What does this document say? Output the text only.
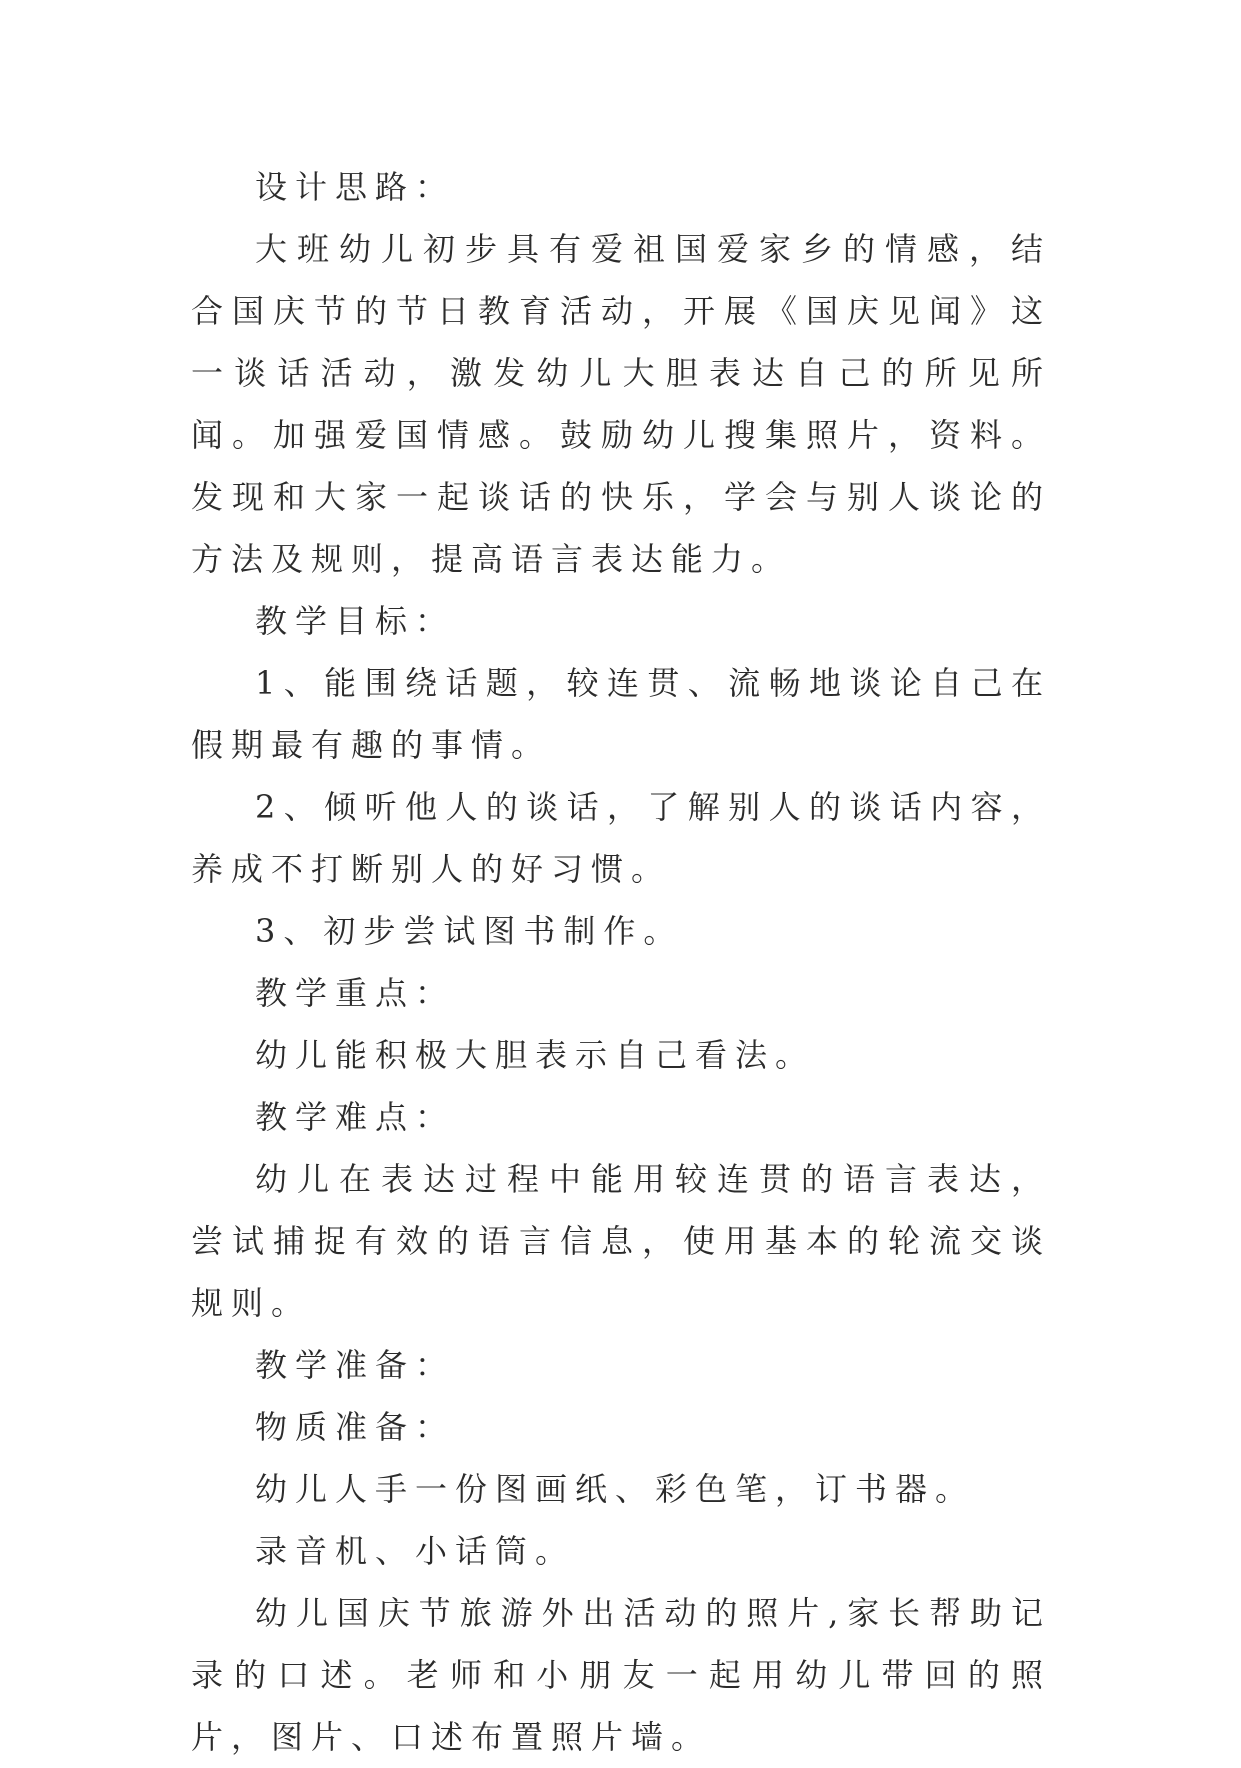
设计思路：

大班幼儿初步具有爱祖国爱家乡的情感，结合国庆节的节日教育活动，开展《国庆见闻》这一谈话活动，激发幼儿大胆表达自己的所见所闻。加强爱国情感。鼓励幼儿搜集照片，资料。发现和大家一起谈话的快乐，学会与别人谈论的方法及规则，提高语言表达能力。

教学目标：

1、能围绕话题，较连贯、流畅地谈论自己在假期最有趣的事情。

2、倾听他人的谈话，了解别人的谈话内容，养成不打断别人的好习惯。

3、初步尝试图书制作。

教学重点：

幼儿能积极大胆表示自己看法。

教学难点：

幼儿在表达过程中能用较连贯的语言表达，尝试捕捉有效的语言信息，使用基本的轮流交谈规则。

教学准备：

物质准备：

幼儿人手一份图画纸、彩色笔，订书器。

录音机、小话筒。

幼儿国庆节旅游外出活动的照片,家长帮助记录的口述。老师和小朋友一起用幼儿带回的照片，图片、口述布置照片墙。
